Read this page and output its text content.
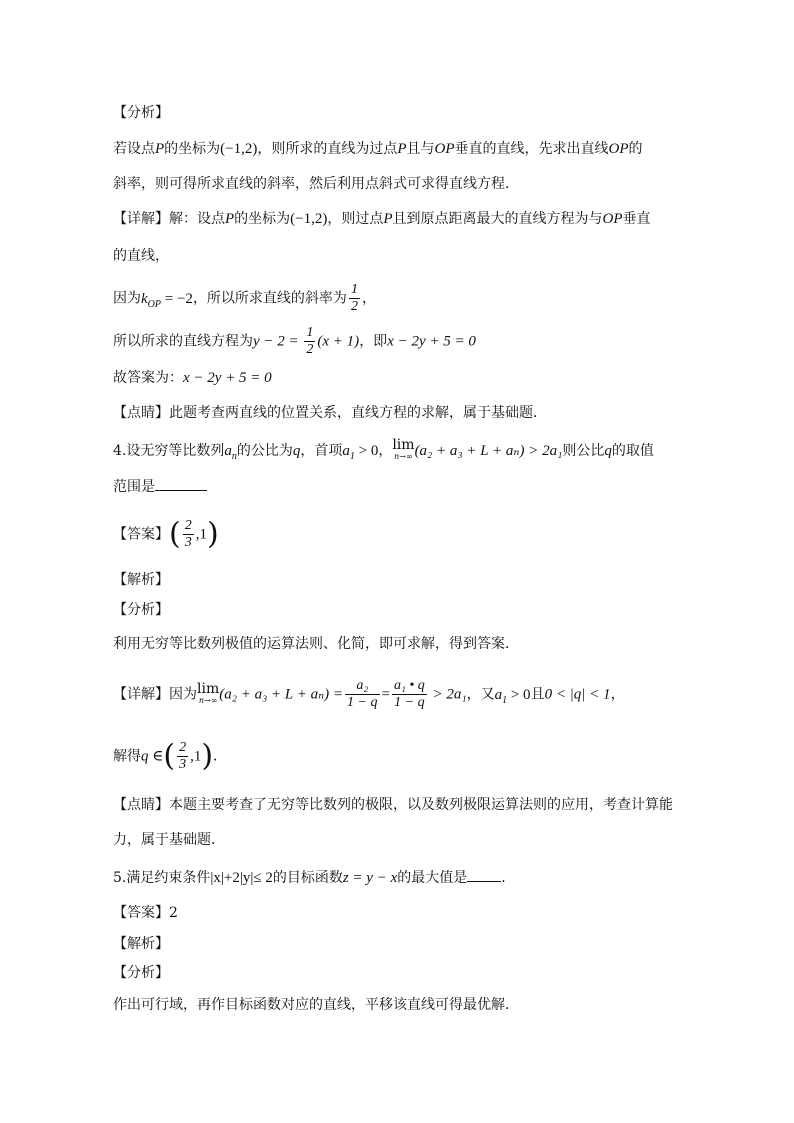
【分析】
若设点P的坐标为(−1,2)，则所求的直线为过点P且与OP垂直的直线，先求出直线OP的
斜率，则可得所求直线的斜率，然后利用点斜式可求得直线方程．
【详解】解：设点P的坐标为(−1,2)，则过点P且到原点距离最大的直线方程为与OP垂直
的直线，
因为$k_{OP} = -2$，所以所求直线的斜率为 $\frac{1}{2}$ ，
所以所求的直线方程为$y - 2 = \frac{1}{2} (x + 1)$，即x − 2y + 5 = 0
故答案为：x − 2y + 5 = 0
【点睛】此题考查两直线的位置关系，直线方程的求解，属于基础题．
4.设无穷等比数列$a_n$的公比为q，首项$a_1 > 0$， lim
n→∞ (a₂ + a₃ + L + aₙ) > 2a₁则公比q的取值
范围是
【答案】( $\frac{2}{3} ,1$)
【解析】
【分析】
利用无穷等比数列极值的运算法则、化简，即可求解，得到答案．
【详解】因为 lim
n→∞ $(a_2 + a_3 + L + a_n) = \frac{\text{a₂}}{1 - q} = \frac{\text{a₁ • q}}{1 - q} > 2a_1$，又$a_1 > 0$且0 < |q| < 1，
解得q ∈( $\frac{2}{3} ,1$)．
【点睛】本题主要考查了无穷等比数列的极限，以及数列极限运算法则的应用，考查计算能
力，属于基础题．
5.满足约束条件|x|+2|y|≤ 2的目标函数z = y − x的最大值是 ．
【答案】2
【解析】
【分析】
作出可行域，再作目标函数对应的直线，平移该直线可得最优解．
